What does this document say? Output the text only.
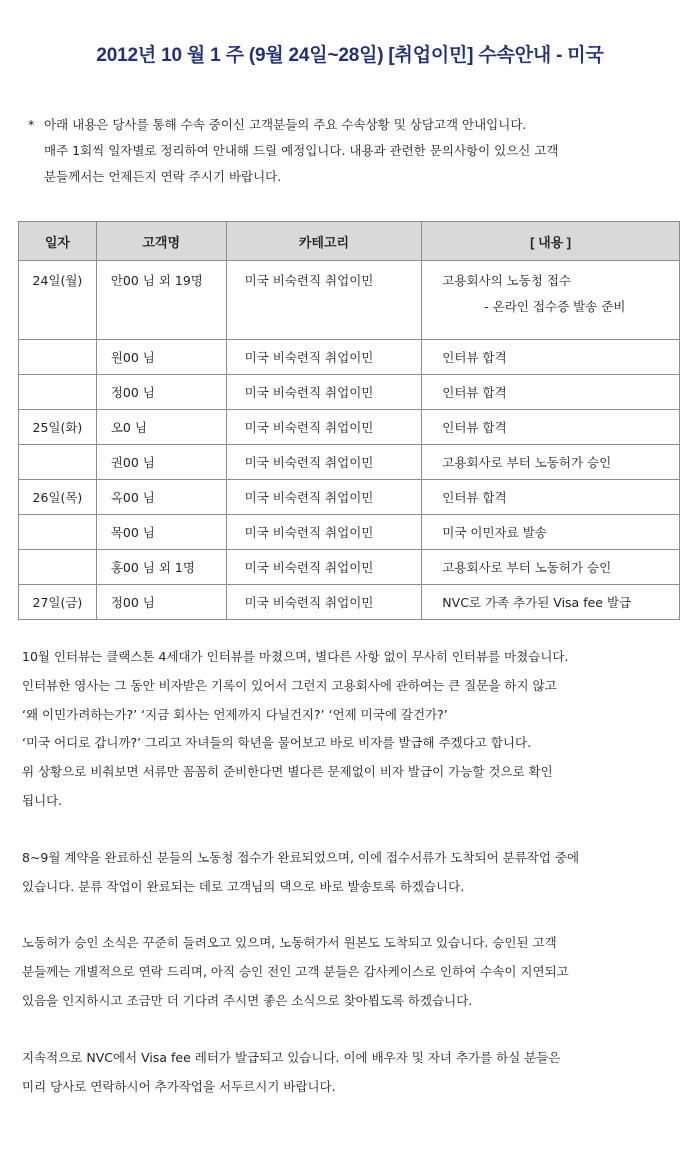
2012년 10 월 1 주 (9월 24일~28일) [취업이민] 수속안내 - 미국
* 아래 내용은 당사를 통해 수속 중이신 고객분들의 주요 수속상황 및 상담고객 안내입니다.
매주 1회씩 일자별로 정리하여 안내해 드릴 예정입니다. 내용과 관련한 문의사항이 있으신 고객
분들께서는 언제든지 연락 주시기 바랍니다.
일자	고객명	카테고리	[ 내용 ]
24일(월)	안00 님 외 19명	미국 비숙련직 취업이민	고용회사의 노동청 접수
- 온라인 접수증 발송 준비

	원00 님	미국 비숙련직 취업이민	인터뷰 합격
	정00 님	미국 비숙련직 취업이민	인터뷰 합격
25일(화)	오0 님	미국 비숙련직 취업이민	인터뷰 합격
	권00 님	미국 비숙련직 취업이민	고용회사로 부터 노동허가 승인
26일(목)	옥00 님	미국 비숙련직 취업이민	인터뷰 합격
	목00 님	미국 비숙련직 취업이민	미국 이민자료 발송
	홍00 님 외 1명	미국 비숙련직 취업이민	고용회사로 부터 노동허가 승인
27일(금)	정00 님	미국 비숙련직 취업이민	NVC로 가족 추가된 Visa fee 발급

10월 인터뷰는 클랙스톤 4세대가 인터뷰를 마쳤으며, 별다른 사항 없이 무사히 인터뷰를 마쳤습니다.
인터뷰한 영사는 그 동안 비자받은 기록이 있어서 그런지 고용회사에 관하여는 큰 질문을 하지 않고
‘왜 이민가려하는가?’ ‘지금 회사는 언제까지 다닐건지?’ ‘언제 미국에 갈건가?’
‘미국 어디로 갑니까?’ 그리고 자녀들의 학년을 물어보고 바로 비자를 발급해 주겠다고 합니다.
위 상황으로 비춰보면 서류만 꼼꼼히 준비한다면 별다른 문제없이 비자 발급이 가능할 것으로 확인
됩니다.

8~9월 계약을 완료하신 분들의 노동청 접수가 완료되었으며, 이에 접수서류가 도착되어 분류작업 중에
있습니다. 분류 작업이 완료되는 데로 고객님의 댁으로 바로 발송토록 하겠습니다.

노동허가 승인 소식은 꾸준히 들려오고 있으며, 노동허가서 원본도 도착되고 있습니다. 승인된 고객
분들께는 개별적으로 연락 드리며, 아직 승인 전인 고객 분들은 감사케이스로 인하여 수속이 지연되고
있음을 인지하시고 조금만 더 기다려 주시면 좋은 소식으로 찾아뵙도록 하겠습니다.

지속적으로 NVC에서 Visa fee 레터가 발급되고 있습니다. 이에 배우자 및 자녀 추가를 하실 분들은
미리 당사로 연락하시어 추가작업을 서두르시기 바랍니다.
